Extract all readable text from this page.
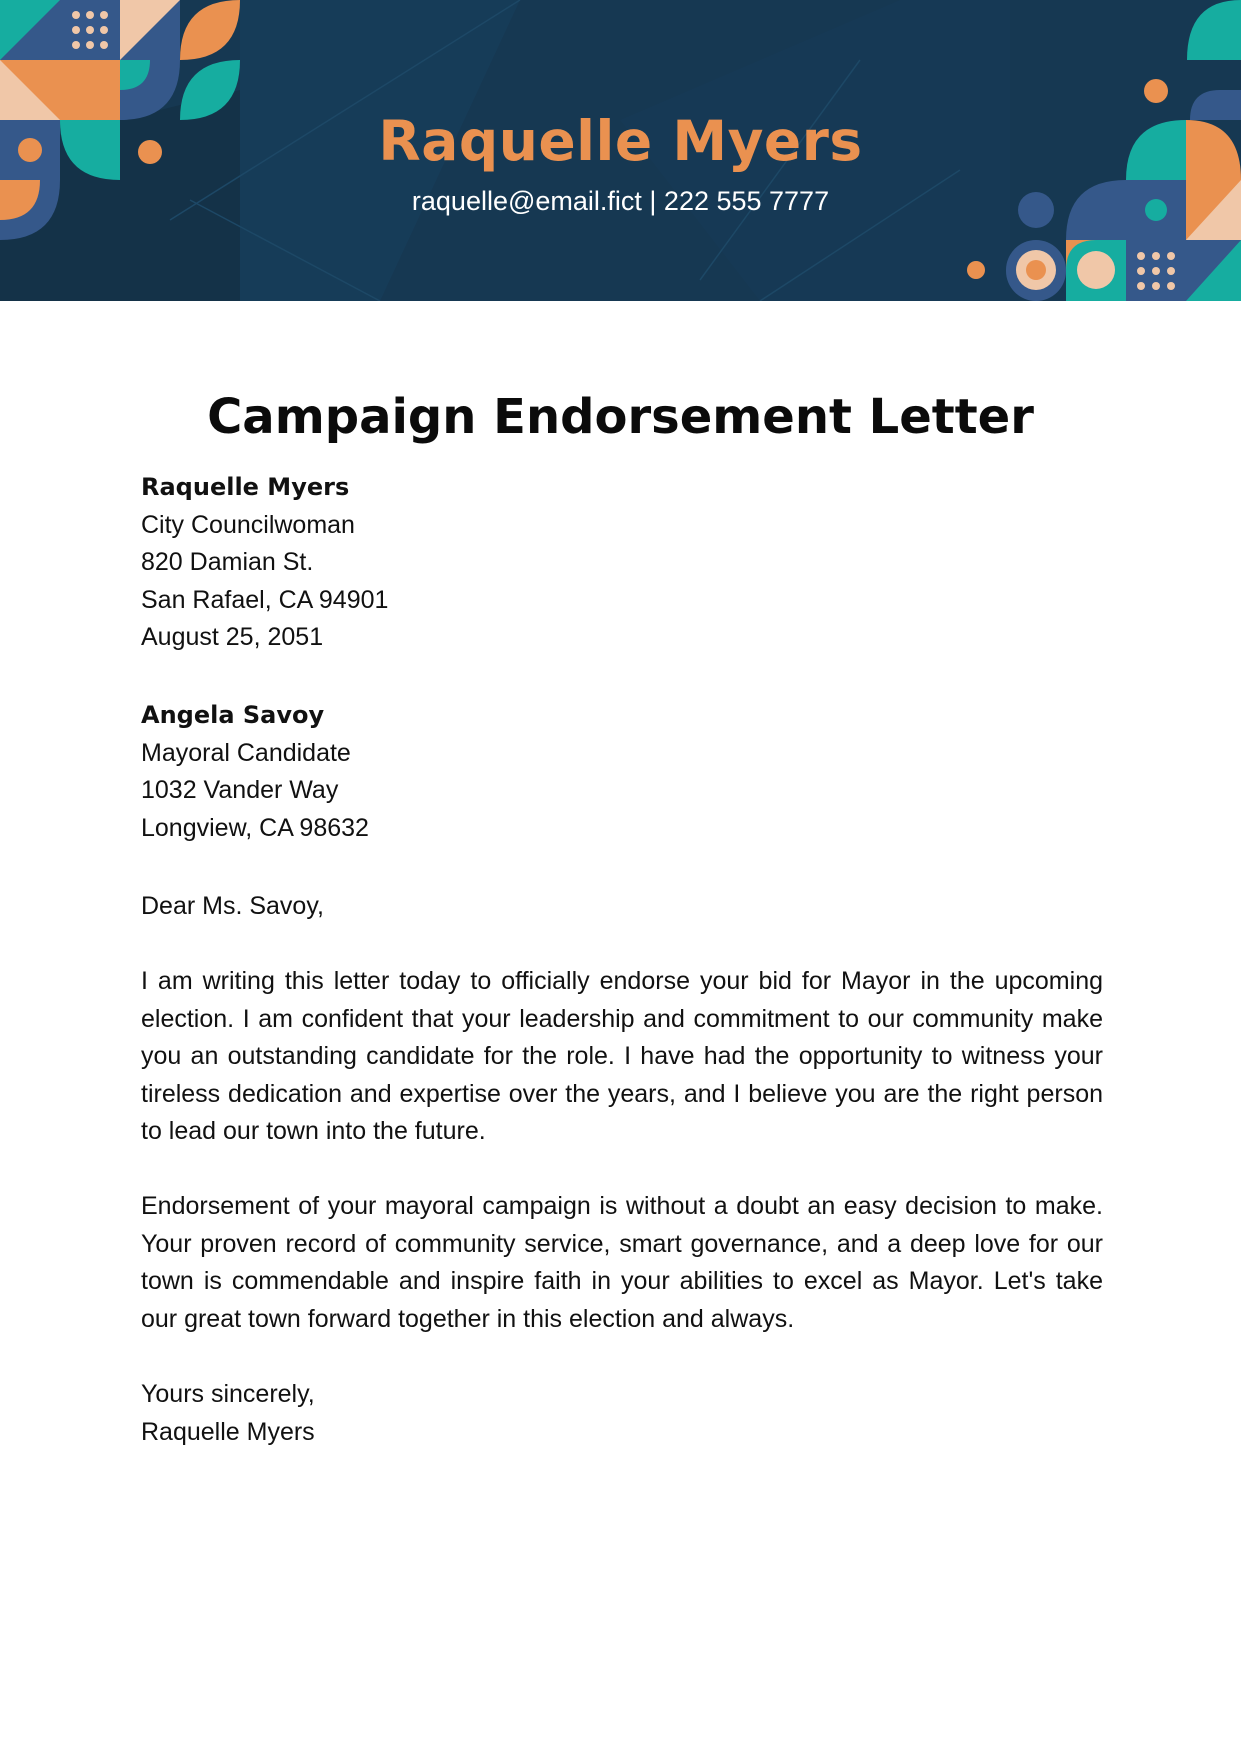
Raquelle Myers
raquelle@email.fict | 222 555 7777
Campaign Endorsement Letter
Raquelle Myers
City Councilwoman
820 Damian St.
San Rafael, CA 94901
August 25, 2051
Angela Savoy
Mayoral Candidate
1032 Vander Way
Longview, CA 98632
Dear Ms. Savoy,
I am writing this letter today to officially endorse your bid for Mayor in the upcoming election. I am confident that your leadership and commitment to our community make you an outstanding candidate for the role. I have had the opportunity to witness your tireless dedication and expertise over the years, and I believe you are the right person to lead our town into the future.
Endorsement of your mayoral campaign is without a doubt an easy decision to make. Your proven record of community service, smart governance, and a deep love for our town is commendable and inspire faith in your abilities to excel as Mayor. Let's take our great town forward together in this election and always.
Yours sincerely,
Raquelle Myers
